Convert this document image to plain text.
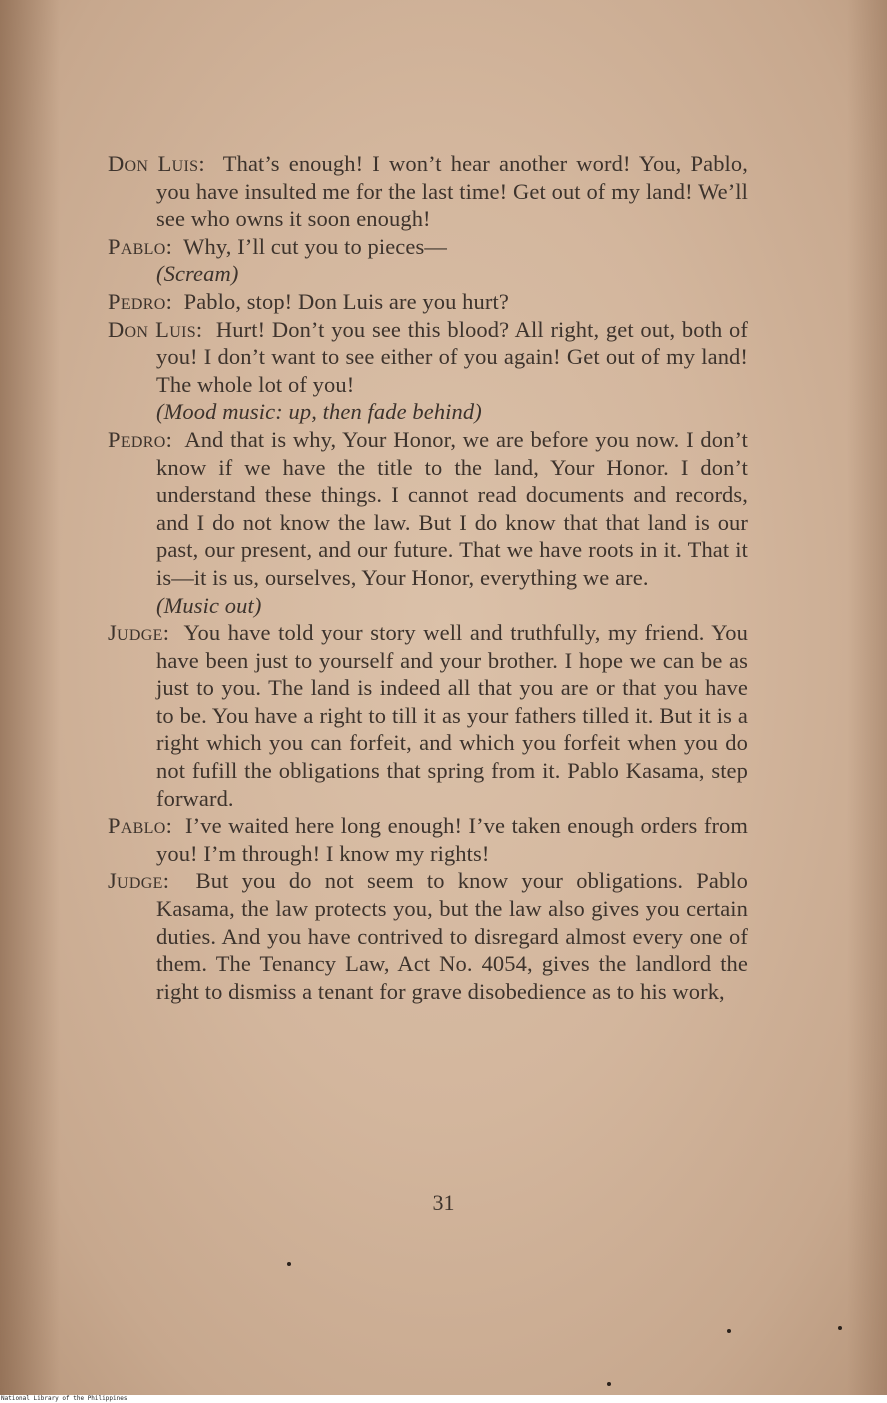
Don Luis: That’s enough! I won’t hear another word! You, Pablo, you have insulted me for the last time! Get out of my land! We’ll see who owns it soon enough!

Pablo: Why, I’ll cut you to pieces—

(Scream)

Pedro: Pablo, stop! Don Luis are you hurt?

Don Luis: Hurt! Don’t you see this blood? All right, get out, both of you! I don’t want to see either of you again! Get out of my land! The whole lot of you!

(Mood music: up, then fade behind)

Pedro: And that is why, Your Honor, we are before you now. I don’t know if we have the title to the land, Your Honor. I don’t understand these things. I cannot read documents and records, and I do not know the law. But I do know that that land is our past, our present, and our future. That we have roots in it. That it is—it is us, ourselves, Your Honor, everything we are.

(Music out)

Judge: You have told your story well and truthfully, my friend. You have been just to yourself and your brother. I hope we can be as just to you. The land is indeed all that you are or that you have to be. You have a right to till it as your fathers tilled it. But it is a right which you can forfeit, and which you forfeit when you do not fufill the obligations that spring from it. Pablo Kasama, step forward.

Pablo: I’ve waited here long enough! I’ve taken enough orders from you! I’m through! I know my rights!

Judge: But you do not seem to know your obligations. Pablo Kasama, the law protects you, but the law also gives you certain duties. And you have contrived to disregard almost every one of them. The Tenancy Law, Act No. 4054, gives the landlord the right to dismiss a tenant for grave disobedience as to his work,

31
National Library of the Philippines
